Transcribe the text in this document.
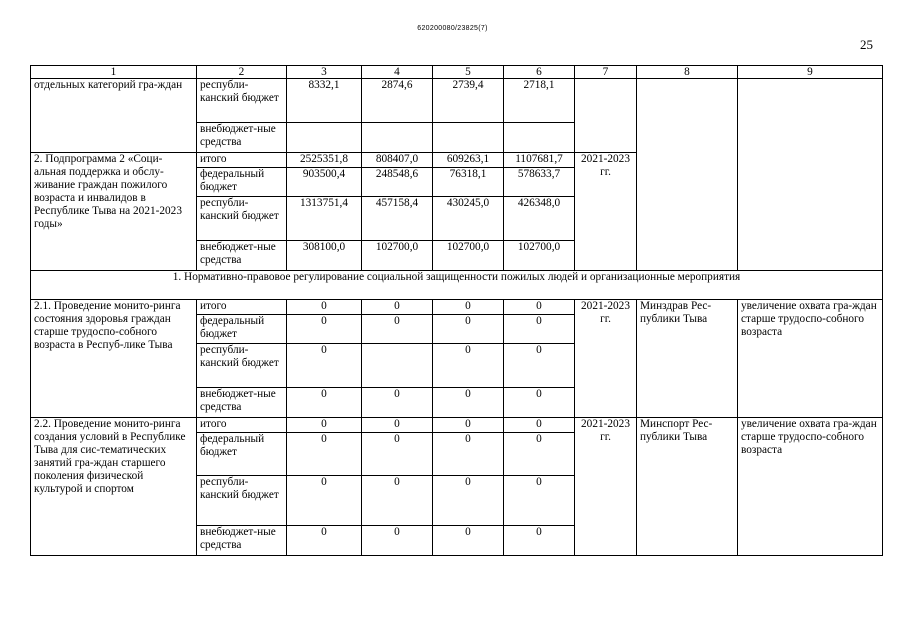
620200080/23825(7)
25
1	2	3	4	5	6	7	8	9
отдельных категорий гра-ждан	республи-канский бюджет	8332,1	2874,6	2739,4	2718,1			
	внебюджет-ные средства							
2. Подпрограмма 2 «Соци-альная поддержка и обслу-живание граждан пожилого возраста и инвалидов в Республике Тыва на 2021-2023 годы»	итого	2525351,8	808407,0	609263,1	1107681,7	2021-2023 гг.		
	федеральный бюджет	903500,4	248548,6	76318,1	578633,7			
	республи-канский бюджет	1313751,4	457158,4	430245,0	426348,0			
	внебюджет-ные средства	308100,0	102700,0	102700,0	102700,0			
1. Нормативно-правовое регулирование социальной защищенности пожилых людей и организационные мероприятия								
2.1. Проведение монито-ринга состояния здоровья граждан старше трудоспо-собного возраста в Респуб-лике Тыва	итого	0	0	0	0	2021-2023 гг.	Минздрав Рес-публики Тыва	увеличение охвата гра-ждан старше трудоспо-собного возраста
	федеральный бюджет	0	0	0	0			
	республи-канский бюджет	0		0	0			
	внебюджет-ные средства	0	0	0	0			
2.2. Проведение монито-ринга создания условий в Республике Тыва для сис-тематических занятий гра-ждан старшего поколения физической культурой и спортом	итого	0	0	0	0	2021-2023 гг.	Минспорт Рес-публики Тыва	увеличение охвата гра-ждан старше трудоспо-собного возраста
	федеральный бюджет	0	0	0	0			
	республи-канский бюджет	0	0	0	0			
	внебюджет-ные средства	0	0	0	0			
